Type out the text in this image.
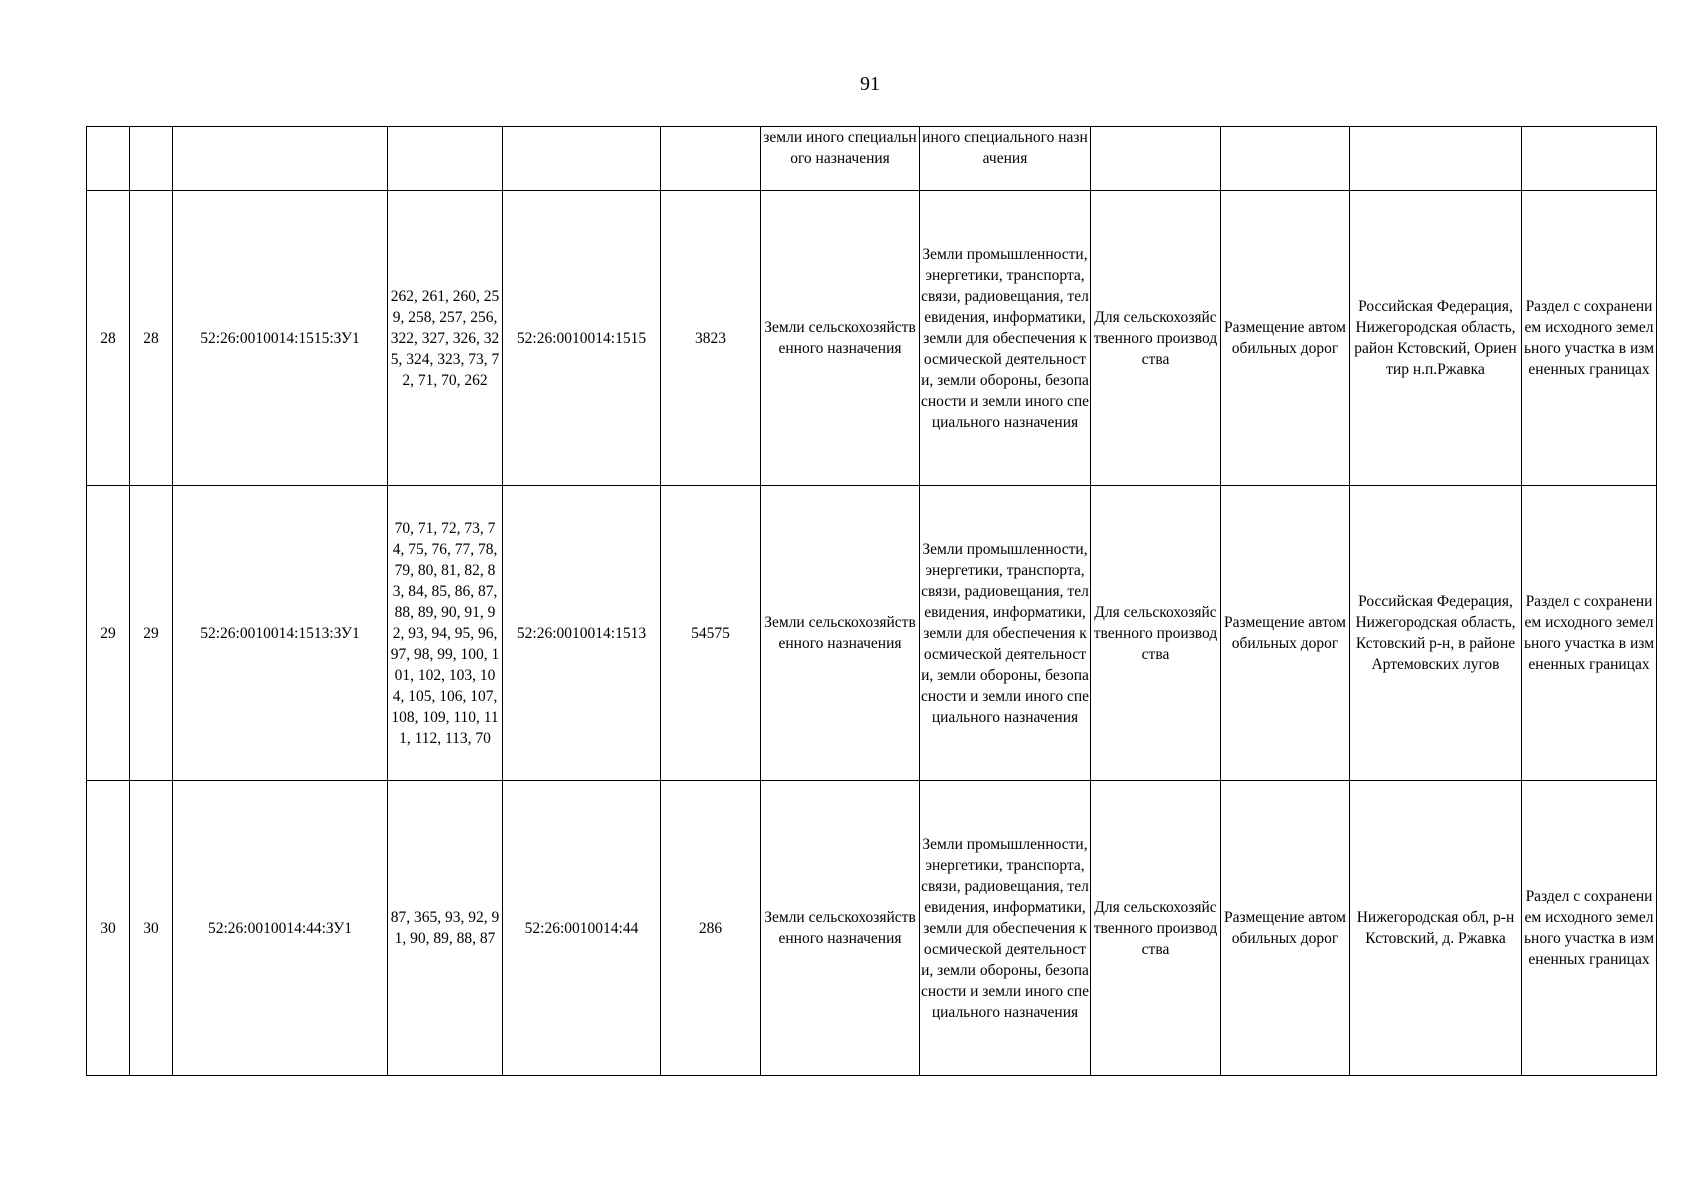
91
						земли иного специального назначения	иного специального назначения				
28	28	52:26:0010014:1515:ЗУ1	262, 261, 260, 259, 258, 257, 256, 322, 327, 326, 325, 324, 323, 73, 72, 71, 70, 262	52:26:0010014:1515	3823	Земли сельскохозяйственного назначения	Земли промышленности, энергетики, транспорта, связи, радиовещания, телевидения, информатики, земли для обеспечения космической деятельности, земли обороны, безопасности и земли иного специального назначения	Для сельскохозяйственного производства	Размещение автомобильных дорог	Российская Федерация, Нижегородская область, район Кстовский, Ориентир н.п.Ржавка	Раздел с сохранением исходного земельного участка в измененных границах
29	29	52:26:0010014:1513:ЗУ1	70, 71, 72, 73, 74, 75, 76, 77, 78, 79, 80, 81, 82, 83, 84, 85, 86, 87, 88, 89, 90, 91, 92, 93, 94, 95, 96, 97, 98, 99, 100, 101, 102, 103, 104, 105, 106, 107, 108, 109, 110, 111, 112, 113, 70	52:26:0010014:1513	54575	Земли сельскохозяйственного назначения	Земли промышленности, энергетики, транспорта, связи, радиовещания, телевидения, информатики, земли для обеспечения космической деятельности, земли обороны, безопасности и земли иного специального назначения	Для сельскохозяйственного производства	Размещение автомобильных дорог	Российская Федерация, Нижегородская область, Кстовский р-н, в районе Артемовских лугов	Раздел с сохранением исходного земельного участка в измененных границах
30	30	52:26:0010014:44:ЗУ1	87, 365, 93, 92, 91, 90, 89, 88, 87	52:26:0010014:44	286	Земли сельскохозяйственного назначения	Земли промышленности, энергетики, транспорта, связи, радиовещания, телевидения, информатики, земли для обеспечения космической деятельности, земли обороны, безопасности и земли иного специального назначения	Для сельскохозяйственного производства	Размещение автомобильных дорог	Нижегородская обл, р-н Кстовский, д. Ржавка	Раздел с сохранением исходного земельного участка в измененных границах
